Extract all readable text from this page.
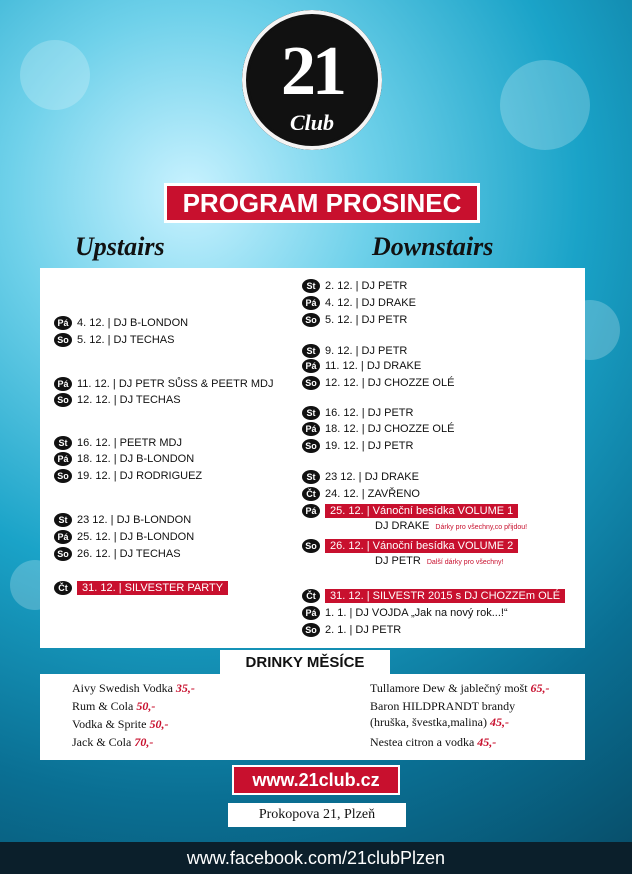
21
Club
PROGRAM PROSINEC
Upstairs	Downstairs
Pá 4. 12. | DJ B-LONDON
So 5. 12. | DJ TECHAS
Pá 11. 12. | DJ PETR SŮSS & PEETR MDJ
So 12. 12. | DJ TECHAS
St 16. 12. | PEETR MDJ
Pá 18. 12. | DJ B-LONDON
So 19. 12. | DJ RODRIGUEZ
St 23 12. | DJ B-LONDON
Pá 25. 12. | DJ B-LONDON
So 26. 12. | DJ TECHAS
Čt 31. 12. | SILVESTER PARTY
St 2. 12. | DJ PETR
Pá 4. 12. | DJ DRAKE
So 5. 12. | DJ PETR
St 9. 12. | DJ PETR
Pá 11. 12. | DJ DRAKE
So 12. 12. | DJ CHOZZE OLÉ
St 16. 12. | DJ PETR
Pá 18. 12. | DJ CHOZZE OLÉ
So 19. 12. | DJ PETR
St 23 12. | DJ DRAKE
Čt 24. 12. | ZAVŘENO
Pá 25. 12. | Vánoční besídka VOLUME 1
DJ DRAKE Dárky pro všechny,co přijdou!
So 26. 12. | Vánoční besídka VOLUME 2
DJ PETR Další dárky pro všechny!
Čt 31. 12. | SILVESTR 2015 s DJ CHOZZEm OLÉ
Pá 1. 1. | DJ VOJDA „Jak na nový rok...!“
So 2. 1. | DJ PETR
DRINKY MĚSÍCE
Aivy Swedish Vodka 35,-
Rum & Cola 50,-
Vodka & Sprite 50,-
Jack & Cola 70,-
Tullamore Dew & jablečný mošt 65,-
Baron HILDPRANDT brandy
(hruška, švestka,malina) 45,-
Nestea citron a vodka 45,-
www.21club.cz
Prokopova 21, Plzeň
www.facebook.com/21clubPlzen
